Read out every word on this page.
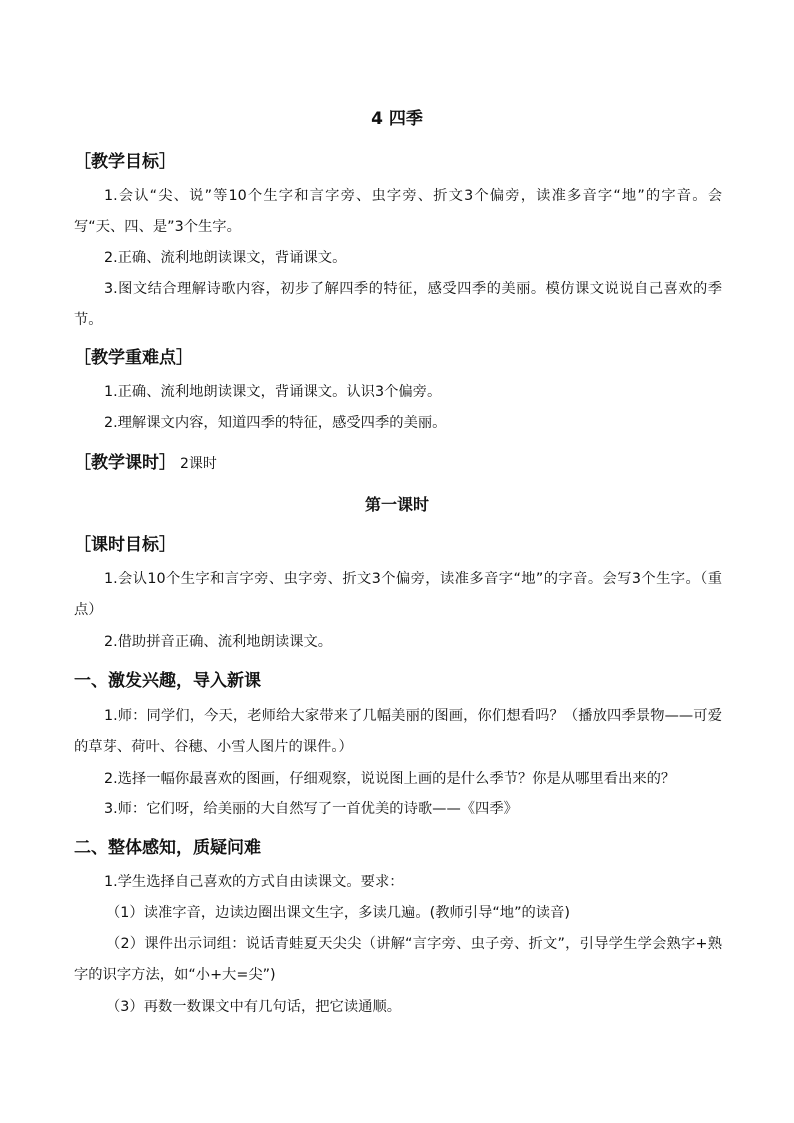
4 四季
［教学目标］
1.会认“尖、说”等10个生字和言字旁、虫字旁、折文3个偏旁，读准多音字“地”的字音。会写“天、四、是”3个生字。
2.正确、流利地朗读课文，背诵课文。
3.图文结合理解诗歌内容，初步了解四季的特征，感受四季的美丽。模仿课文说说自己喜欢的季节。
［教学重难点］
1.正确、流利地朗读课文，背诵课文。认识3个偏旁。
2.理解课文内容，知道四季的特征，感受四季的美丽。
［教学课时］ 2课时
第一课时
［课时目标］
1.会认10个生字和言字旁、虫字旁、折文3个偏旁，读准多音字“地”的字音。会写3个生字。（重点）
2.借助拼音正确、流利地朗读课文。
一、激发兴趣，导入新课
1.师：同学们，今天，老师给大家带来了几幅美丽的图画，你们想看吗？（播放四季景物——可爱的草芽、荷叶、谷穗、小雪人图片的课件。）
2.选择一幅你最喜欢的图画，仔细观察，说说图上画的是什么季节？你是从哪里看出来的？
3.师：它们呀，给美丽的大自然写了一首优美的诗歌——《四季》
二、整体感知，质疑问难
1.学生选择自己喜欢的方式自由读课文。要求：
（1）读准字音，边读边圈出课文生字，多读几遍。(教师引导“地”的读音)
（2）课件出示词组：说话青蛙夏天尖尖（讲解“言字旁、虫子旁、折文”，引导学生学会熟字+熟字的识字方法，如“小+大=尖”)
（3）再数一数课文中有几句话，把它读通顺。
